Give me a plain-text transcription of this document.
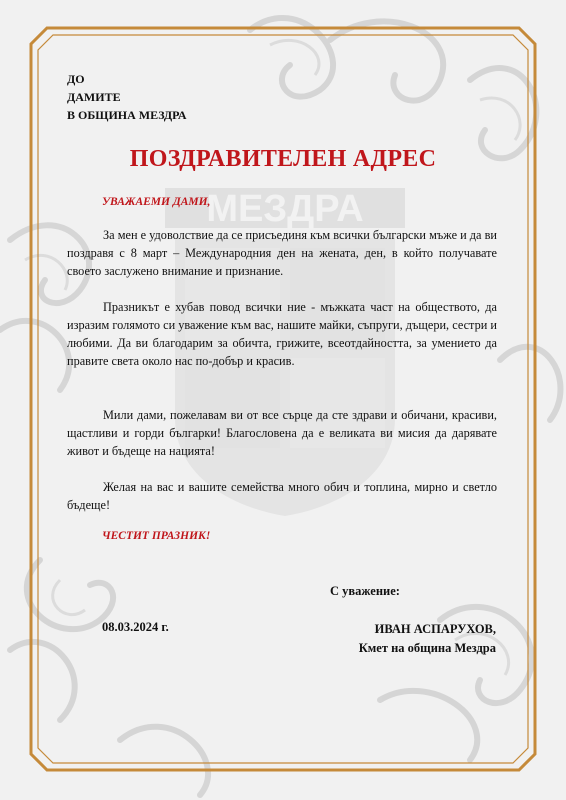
МЕЗДРА
ДО
ДАМИТЕ
В ОБЩИНА МЕЗДРА
ПОЗДРАВИТЕЛЕН АДРЕС
УВАЖАЕМИ ДАМИ,
За мен е удоволствие да се присъединя към всички български мъже и да ви поздравя с 8 март – Международния ден на жената, ден, в който получавате своето заслужено внимание и признание.
Празникът е хубав повод всички ние - мъжката част на обществото, да изразим голямото си уважение към вас, нашите майки, съпруги, дъщери, сестри и любими. Да ви благодарим за обичта, грижите, всеотдайността, за умението да правите света около нас по-добър и красив.
Мили дами, пожелавам ви от все сърце да сте здрави и обичани, красиви, щастливи и горди българки! Благословена да е великата ви мисия да дарявате живот и бъдеще на нацията!
Желая на вас и вашите семейства много обич и топлина, мирно и светло бъдеще!
ЧЕСТИТ ПРАЗНИК!
С уважение:
08.03.2024 г.	ИВАН АСПАРУХОВ,
Кмет на община Мездра
